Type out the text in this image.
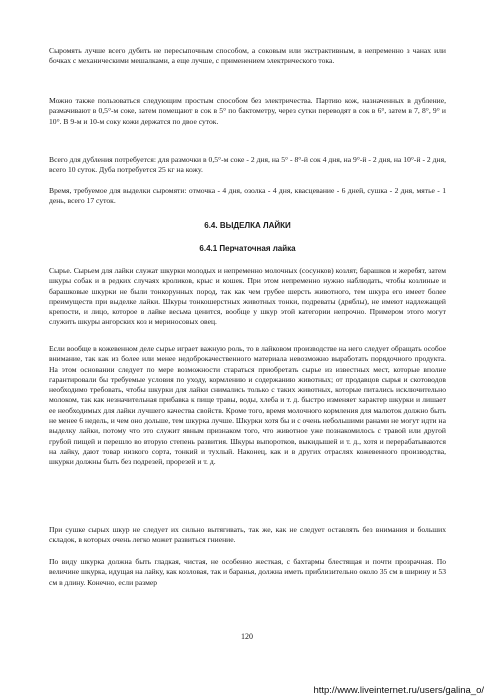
Сыромять лучше всего дубить не пересыпочным способом, а соковым или экстрактивным, в непременно з чанах или бочках с механическими мешалками, а еще лучше, с применением электрического тока.

Можно также пользоваться следующим простым способом без электричества. Партию кож, назначенных в дубление, размачивают в 0,5°-м соке, затем помещают в сок в 5° по бактометру, через сутки переводят в сок в 6°, затем в 7, 8°, 9° и 10°. В 9-м и 10-м соку кожи держатся по двое суток.

Всего для дубления потребуется: для размочки в 0,5°-м соке - 2 дня, на 5° - 8°-й сок 4 дня, на 9°-й - 2 дня, на 10°-й - 2 дня, всего 10 суток. Дуба потребуется 25 кг на кожу.

Время, требуемое для выделки сыромяти: отмочка - 4 дня, озолка - 4 дня, квасцевание - 6 дней, сушка - 2 дня, мятье - 1 день, всего 17 суток.

6.4. ВЫДЕЛКА ЛАЙКИ
6.4.1 Перчаточная лайка

Сырье. Сырьем для лайки служат шкурки молодых и непременно молочных (сосунков) козлят, барашков и жеребят, затем шкуры собак и в редких случаях кроликов, крыс и кошек. При этом непременно нужно наблюдать, чтобы козлиные и барашковые шкурки не были тонкорунных пород, так как чем грубее шерсть животного, тем шкура его имеет более преимуществ при выделке лайки. Шкуры тонкошерстных животных тонки, подреваты (дряблы), не имеют надлежащей крепости, и лицо, которое в лайке весьма ценится, вообще у шкур этой категории непрочно. Примером этого могут служить шкуры ангорских коз и мериносовых овец.

Если вообще в кожевенном деле сырье играет важную роль, то в лайковом производстве на него следует обращать особое внимание, так как из более или менее недоброкачественного материала невозможно выработать порядочного продукта. На этом основании следует по мере возможности стараться приобретать сырье из известных мест, которые вполне гарантировали бы требуемые условия по уходу, кормлению и содержанию животных; от продавцов сырья и скотоводов необходимо требовать, чтобы шкурки для лайки снимались только с таких животных, которые питались исключительно молоком, так как незначительная прибавка к пище травы, воды, хлеба и т. д. быстро изменяет характер шкурки и лишает ее необходимых для лайки лучшего качества свойств. Кроме того, время молочного кормления для малюток должно быть не менее 6 недель, и чем оно дольше, тем шкурка лучше. Шкурки хотя бы и с очень небольшими ранами не могут идти на выделку лайки, потому что это служит явным признаком того, что животное уже познакомилось с травой или другой грубой пищей и перешло во вторую степень развития. Шкуры выпоротков, выкидышей и т. д., хотя и перерабатываются на лайку, дают товар низкого сорта, тонкий и тухлый. Наконец, как и в других отраслях кожевенного производства, шкурки должны быть без подрезей, прорезей и т. д.

При сушке сырых шкур не следует их сильно вытягивать, так же, как не следует оставлять без внимания и больших складок, в которых очень легко может развиться гниение.

По виду шкурка должна быть гладкая, чистая, не особенно жесткая, с бахтармы блестящая и почти прозрачная. По величине шкурка, идущая на лайку, как козловая, так и баранья, должна иметь приблизительно около 35 см в ширину и 53 см в длину. Конечно, если размер

120
http://www.liveinternet.ru/users/galina_o/
